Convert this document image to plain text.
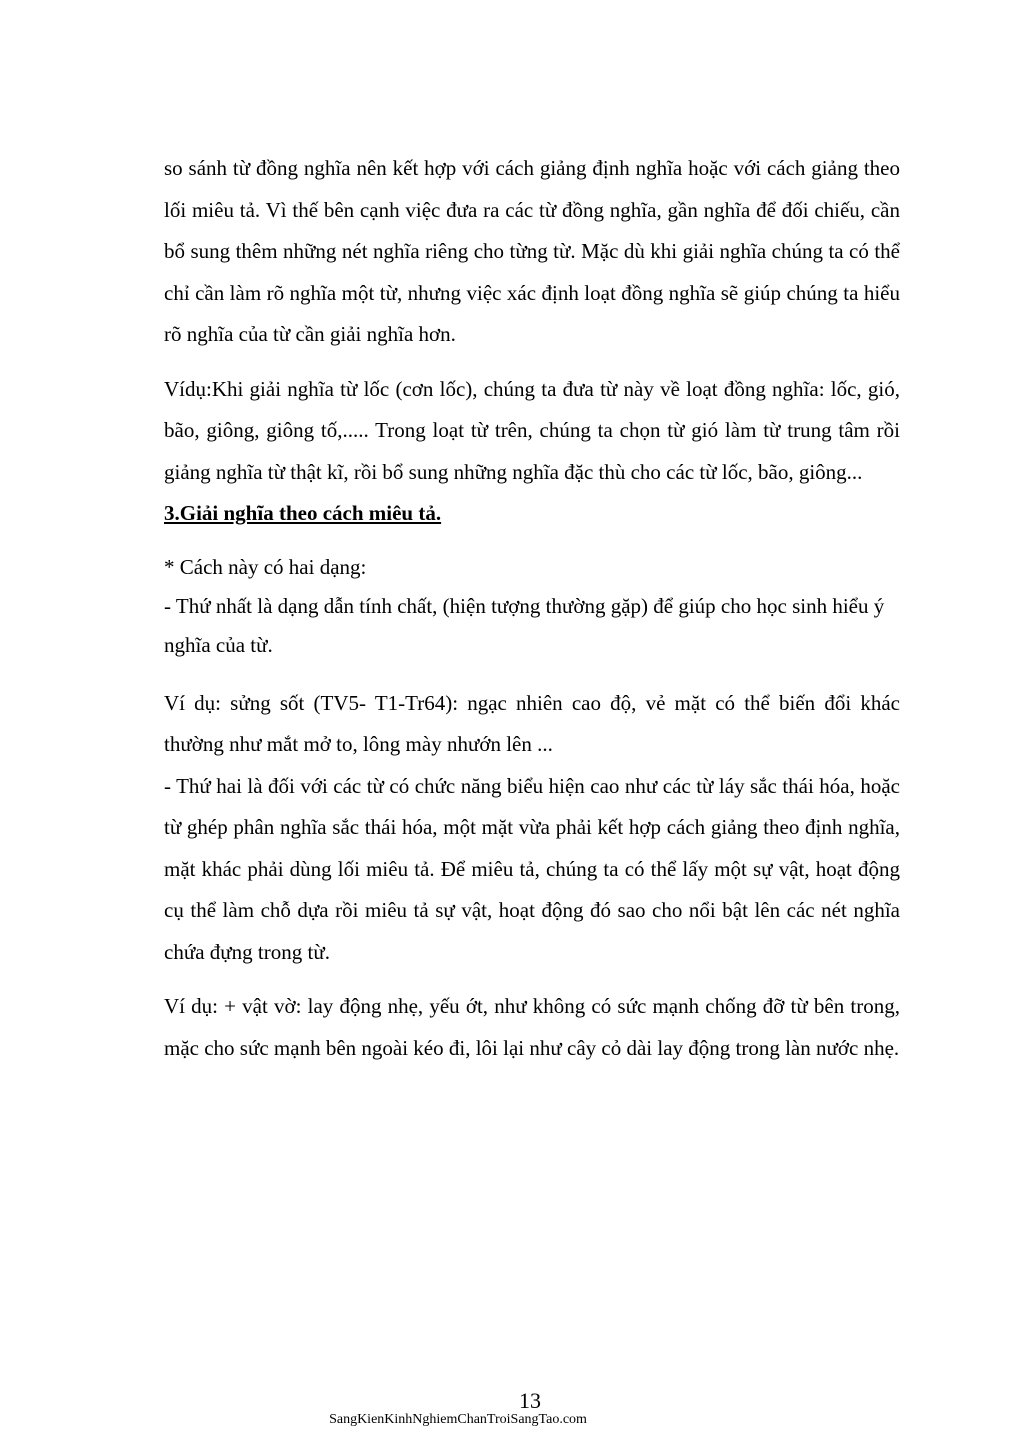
so sánh từ đồng nghĩa nên kết hợp với cách giảng định nghĩa hoặc với cách giảng theo lối miêu tả. Vì thế bên cạnh việc đưa ra các từ đồng nghĩa, gần nghĩa để đối chiếu, cần bổ sung thêm những nét nghĩa riêng cho từng từ. Mặc dù khi giải nghĩa chúng ta có thể chỉ cần làm rõ nghĩa một từ, nhưng việc xác định loạt đồng nghĩa sẽ giúp chúng ta hiểu rõ nghĩa của từ cần giải nghĩa hơn.

Vídụ:Khi giải nghĩa từ lốc (cơn lốc), chúng ta đưa từ này về loạt đồng nghĩa: lốc, gió, bão, giông, giông tố,..... Trong loạt từ trên, chúng ta chọn từ gió làm từ trung tâm rồi giảng nghĩa từ thật kĩ, rồi bổ sung những nghĩa đặc thù cho các từ lốc, bão, giông...

3.Giải nghĩa theo cách miêu tả.

* Cách này có hai dạng:

- Thứ nhất là dạng dẫn tính chất, (hiện tượng thường gặp) để giúp cho học sinh hiểu ý nghĩa của từ.

Ví dụ: sửng sốt (TV5- T1-Tr64): ngạc nhiên cao độ, vẻ mặt có thể biến đổi khác thường như mắt mở to, lông mày nhướn lên ...

- Thứ hai là đối với các từ có chức năng biểu hiện cao như các từ láy sắc thái hóa, hoặc từ ghép phân nghĩa sắc thái hóa, một mặt vừa phải kết hợp cách giảng theo định nghĩa, mặt khác phải dùng lối miêu tả. Để miêu tả, chúng ta có thể lấy một sự vật, hoạt động cụ thể làm chỗ dựa rồi miêu tả sự vật, hoạt động đó sao cho nổi bật lên các nét nghĩa chứa đựng trong từ.

Ví dụ: + vật vờ: lay động nhẹ, yếu ớt, như không có sức mạnh chống đỡ từ bên trong, mặc cho sức mạnh bên ngoài kéo đi, lôi lại như cây cỏ dài lay động trong làn nước nhẹ.

13
SangKienKinhNghiemChanTroiSangTao.com
